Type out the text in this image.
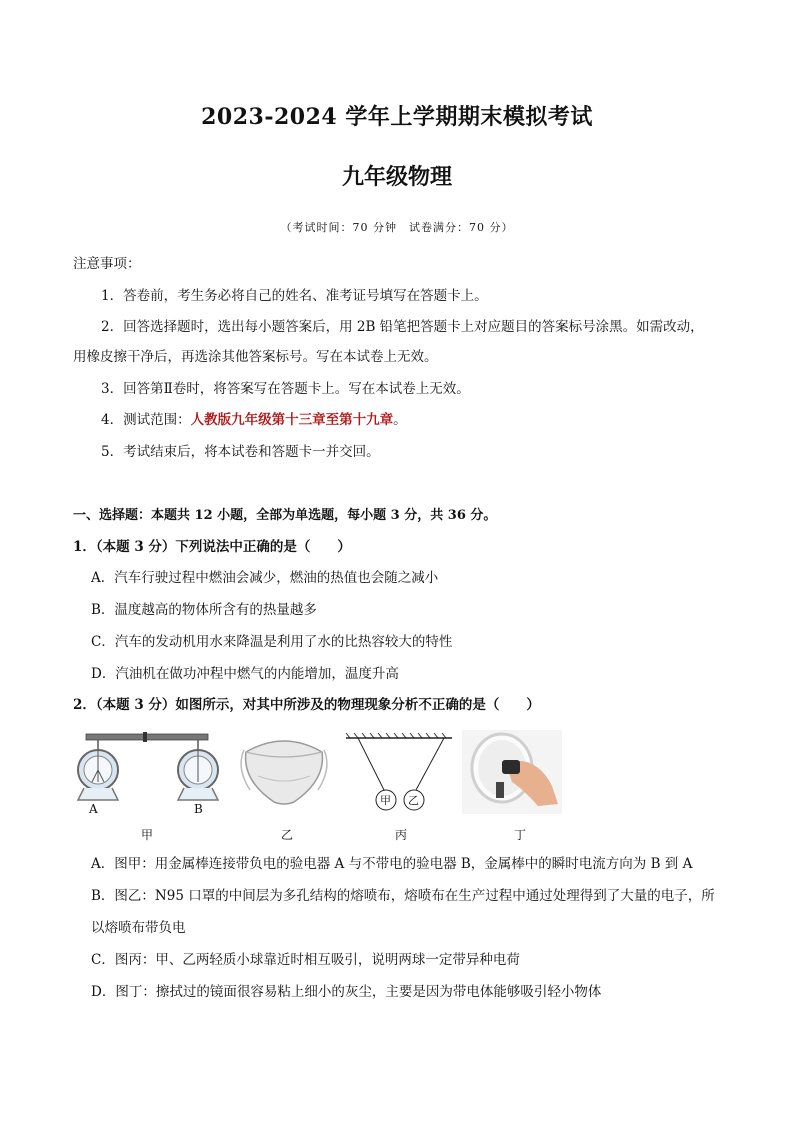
2023-2024 学年上学期期末模拟考试
九年级物理
（考试时间：70 分钟　试卷满分：70 分）
注意事项：
1．答卷前，考生务必将自己的姓名、准考证号填写在答题卡上。
2．回答选择题时，选出每小题答案后，用 2B 铅笔把答题卡上对应题目的答案标号涂黑。如需改动，
用橡皮擦干净后，再选涂其他答案标号。写在本试卷上无效。
3．回答第Ⅱ卷时，将答案写在答题卡上。写在本试卷上无效。
4．测试范围：人教版九年级第十三章至第十九章。
5．考试结束后，将本试卷和答题卡一并交回。
一、选择题：本题共 12 小题，全部为单选题，每小题 3 分，共 36 分。
1．（本题 3 分）下列说法中正确的是（　　）
A．汽车行驶过程中燃油会减少，燃油的热值也会随之减小
B．温度越高的物体所含有的热量越多
C．汽车的发动机用水来降温是利用了水的比热容较大的特性
D．汽油机在做功冲程中燃气的内能增加，温度升高
2．（本题 3 分）如图所示，对其中所涉及的物理现象分析不正确的是（　　）
A	B
甲 乙
甲	乙	丙	丁
A．图甲：用金属棒连接带负电的验电器 A 与不带电的验电器 B，金属棒中的瞬时电流方向为 B 到 A
B．图乙：N95 口罩的中间层为多孔结构的熔喷布，熔喷布在生产过程中通过处理得到了大量的电子，所
以熔喷布带负电
C．图丙：甲、乙两轻质小球靠近时相互吸引，说明两球一定带异种电荷
D．图丁：擦拭过的镜面很容易粘上细小的灰尘，主要是因为带电体能够吸引轻小物体
